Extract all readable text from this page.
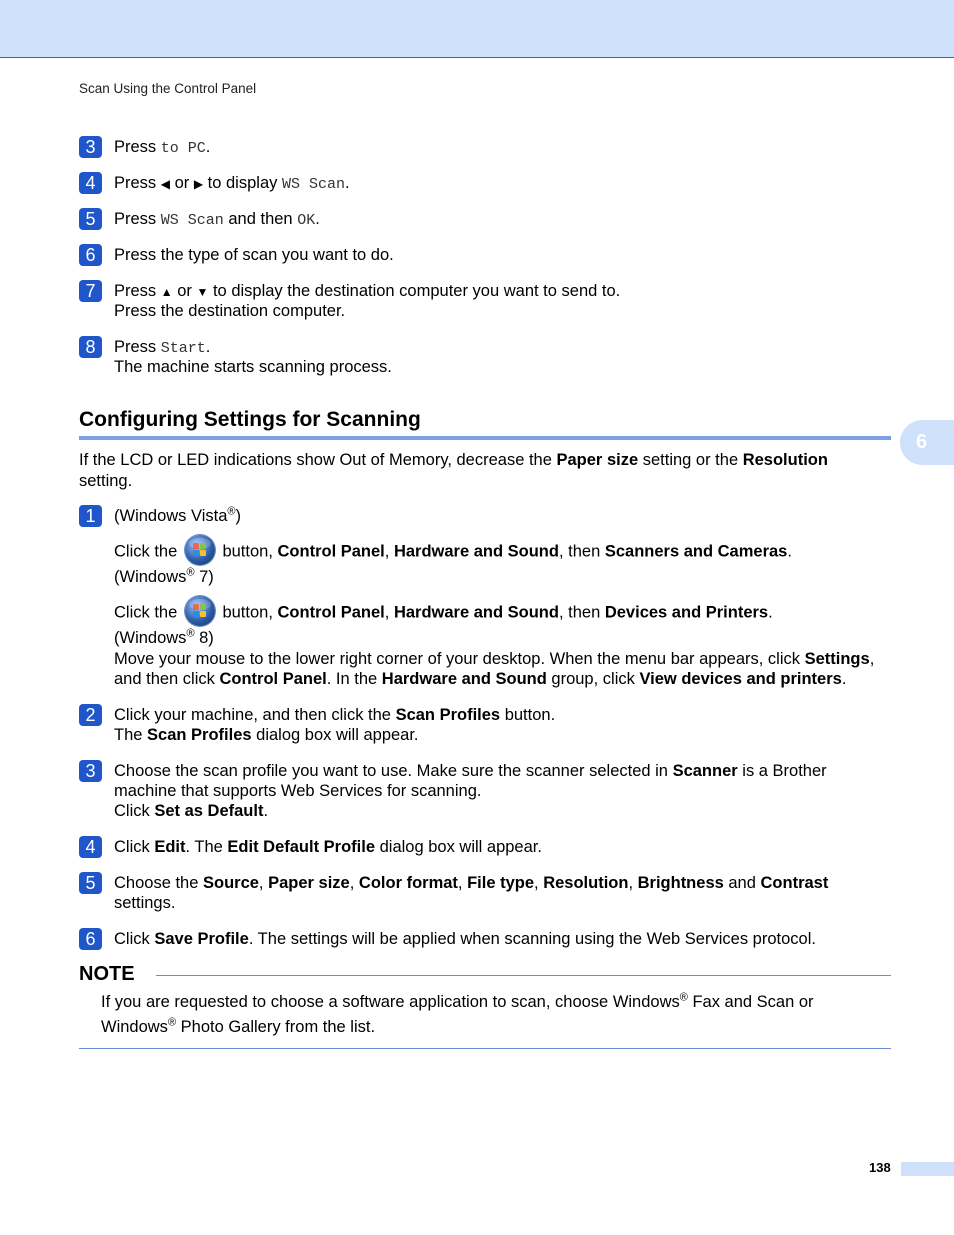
Scan Using the Control Panel
3	Press to PC.
4	Press ◀ or ▶ to display WS Scan.
5	Press WS Scan and then OK.
6	Press the type of scan you want to do.
7	Press ▲ or ▼ to display the destination computer you want to send to.
Press the destination computer.
8	Press Start.
The machine starts scanning process.
Configuring Settings for Scanning
6
If the LCD or LED indications show Out of Memory, decrease the Paper size setting or the Resolution
setting.
1	(Windows Vista®)
Click the  button, Control Panel, Hardware and Sound, then Scanners and Cameras.
(Windows® 7)
Click the  button, Control Panel, Hardware and Sound, then Devices and Printers.
(Windows® 8)
Move your mouse to the lower right corner of your desktop. When the menu bar appears, click Settings,
and then click Control Panel. In the Hardware and Sound group, click View devices and printers.
2	Click your machine, and then click the Scan Profiles button.
The Scan Profiles dialog box will appear.
3	Choose the scan profile you want to use. Make sure the scanner selected in Scanner is a Brother
machine that supports Web Services for scanning.
Click Set as Default.
4	Click Edit. The Edit Default Profile dialog box will appear.
5	Choose the Source, Paper size, Color format, File type, Resolution, Brightness and Contrast
settings.
6	Click Save Profile. The settings will be applied when scanning using the Web Services protocol.
NOTE
If you are requested to choose a software application to scan, choose Windows® Fax and Scan or
Windows® Photo Gallery from the list.
138
